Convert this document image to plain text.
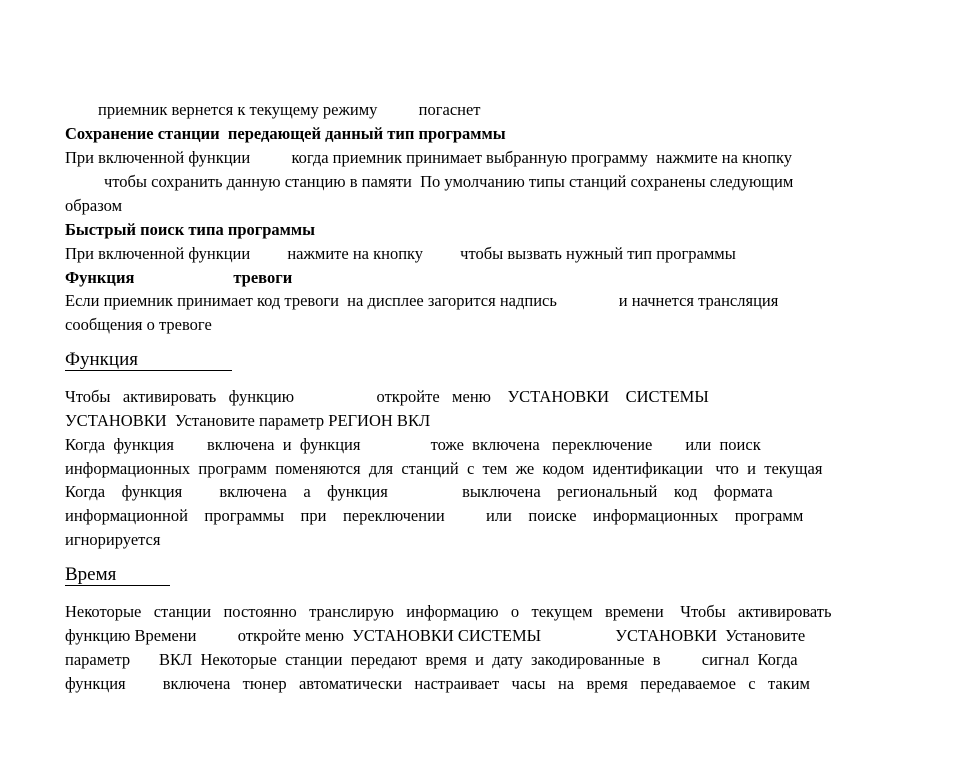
приемник вернется к текущему режиму          погаснет
Сохранение станции  передающей данный тип программы
При включенной функции          когда приемник принимает выбранную программу  нажмите на кнопку
чтобы сохранить данную станцию в памяти  По умолчанию типы станций сохранены следующим
образом
Быстрый поиск типа программы
При включенной функции         нажмите на кнопку         чтобы вызвать нужный тип программы
Функция                        тревоги
Если приемник принимает код тревоги  на дисплее загорится надпись               и начнется трансляция
сообщения о тревоге
Функция
Чтобы   активировать   функцию                    откройте   меню    УСТАНОВКИ    СИСТЕМЫ
УСТАНОВКИ  Установите параметр РЕГИОН ВКЛ
Когда  функция        включена  и  функция                 тоже  включена   переключение        или  поиск
информационных  программ  поменяются  для  станций  с  тем  же  кодом  идентификации   что  и  текущая
Когда    функция         включена    а    функция                  выключена    региональный    код    формата
информационной    программы    при    переключении          или    поиске    информационных    программ
игнорируется
Время
Некоторые   станции   постоянно   транслирую   информацию   о   текущем   времени    Чтобы   активировать
функцию Времени          откройте меню  УСТАНОВКИ СИСТЕМЫ                  УСТАНОВКИ  Установите
параметр       ВКЛ  Некоторые  станции  передают  время  и  дату  закодированные  в          сигнал  Когда
функция         включена   тюнер   автоматически   настраивает   часы   на   время   передаваемое   с   таким
